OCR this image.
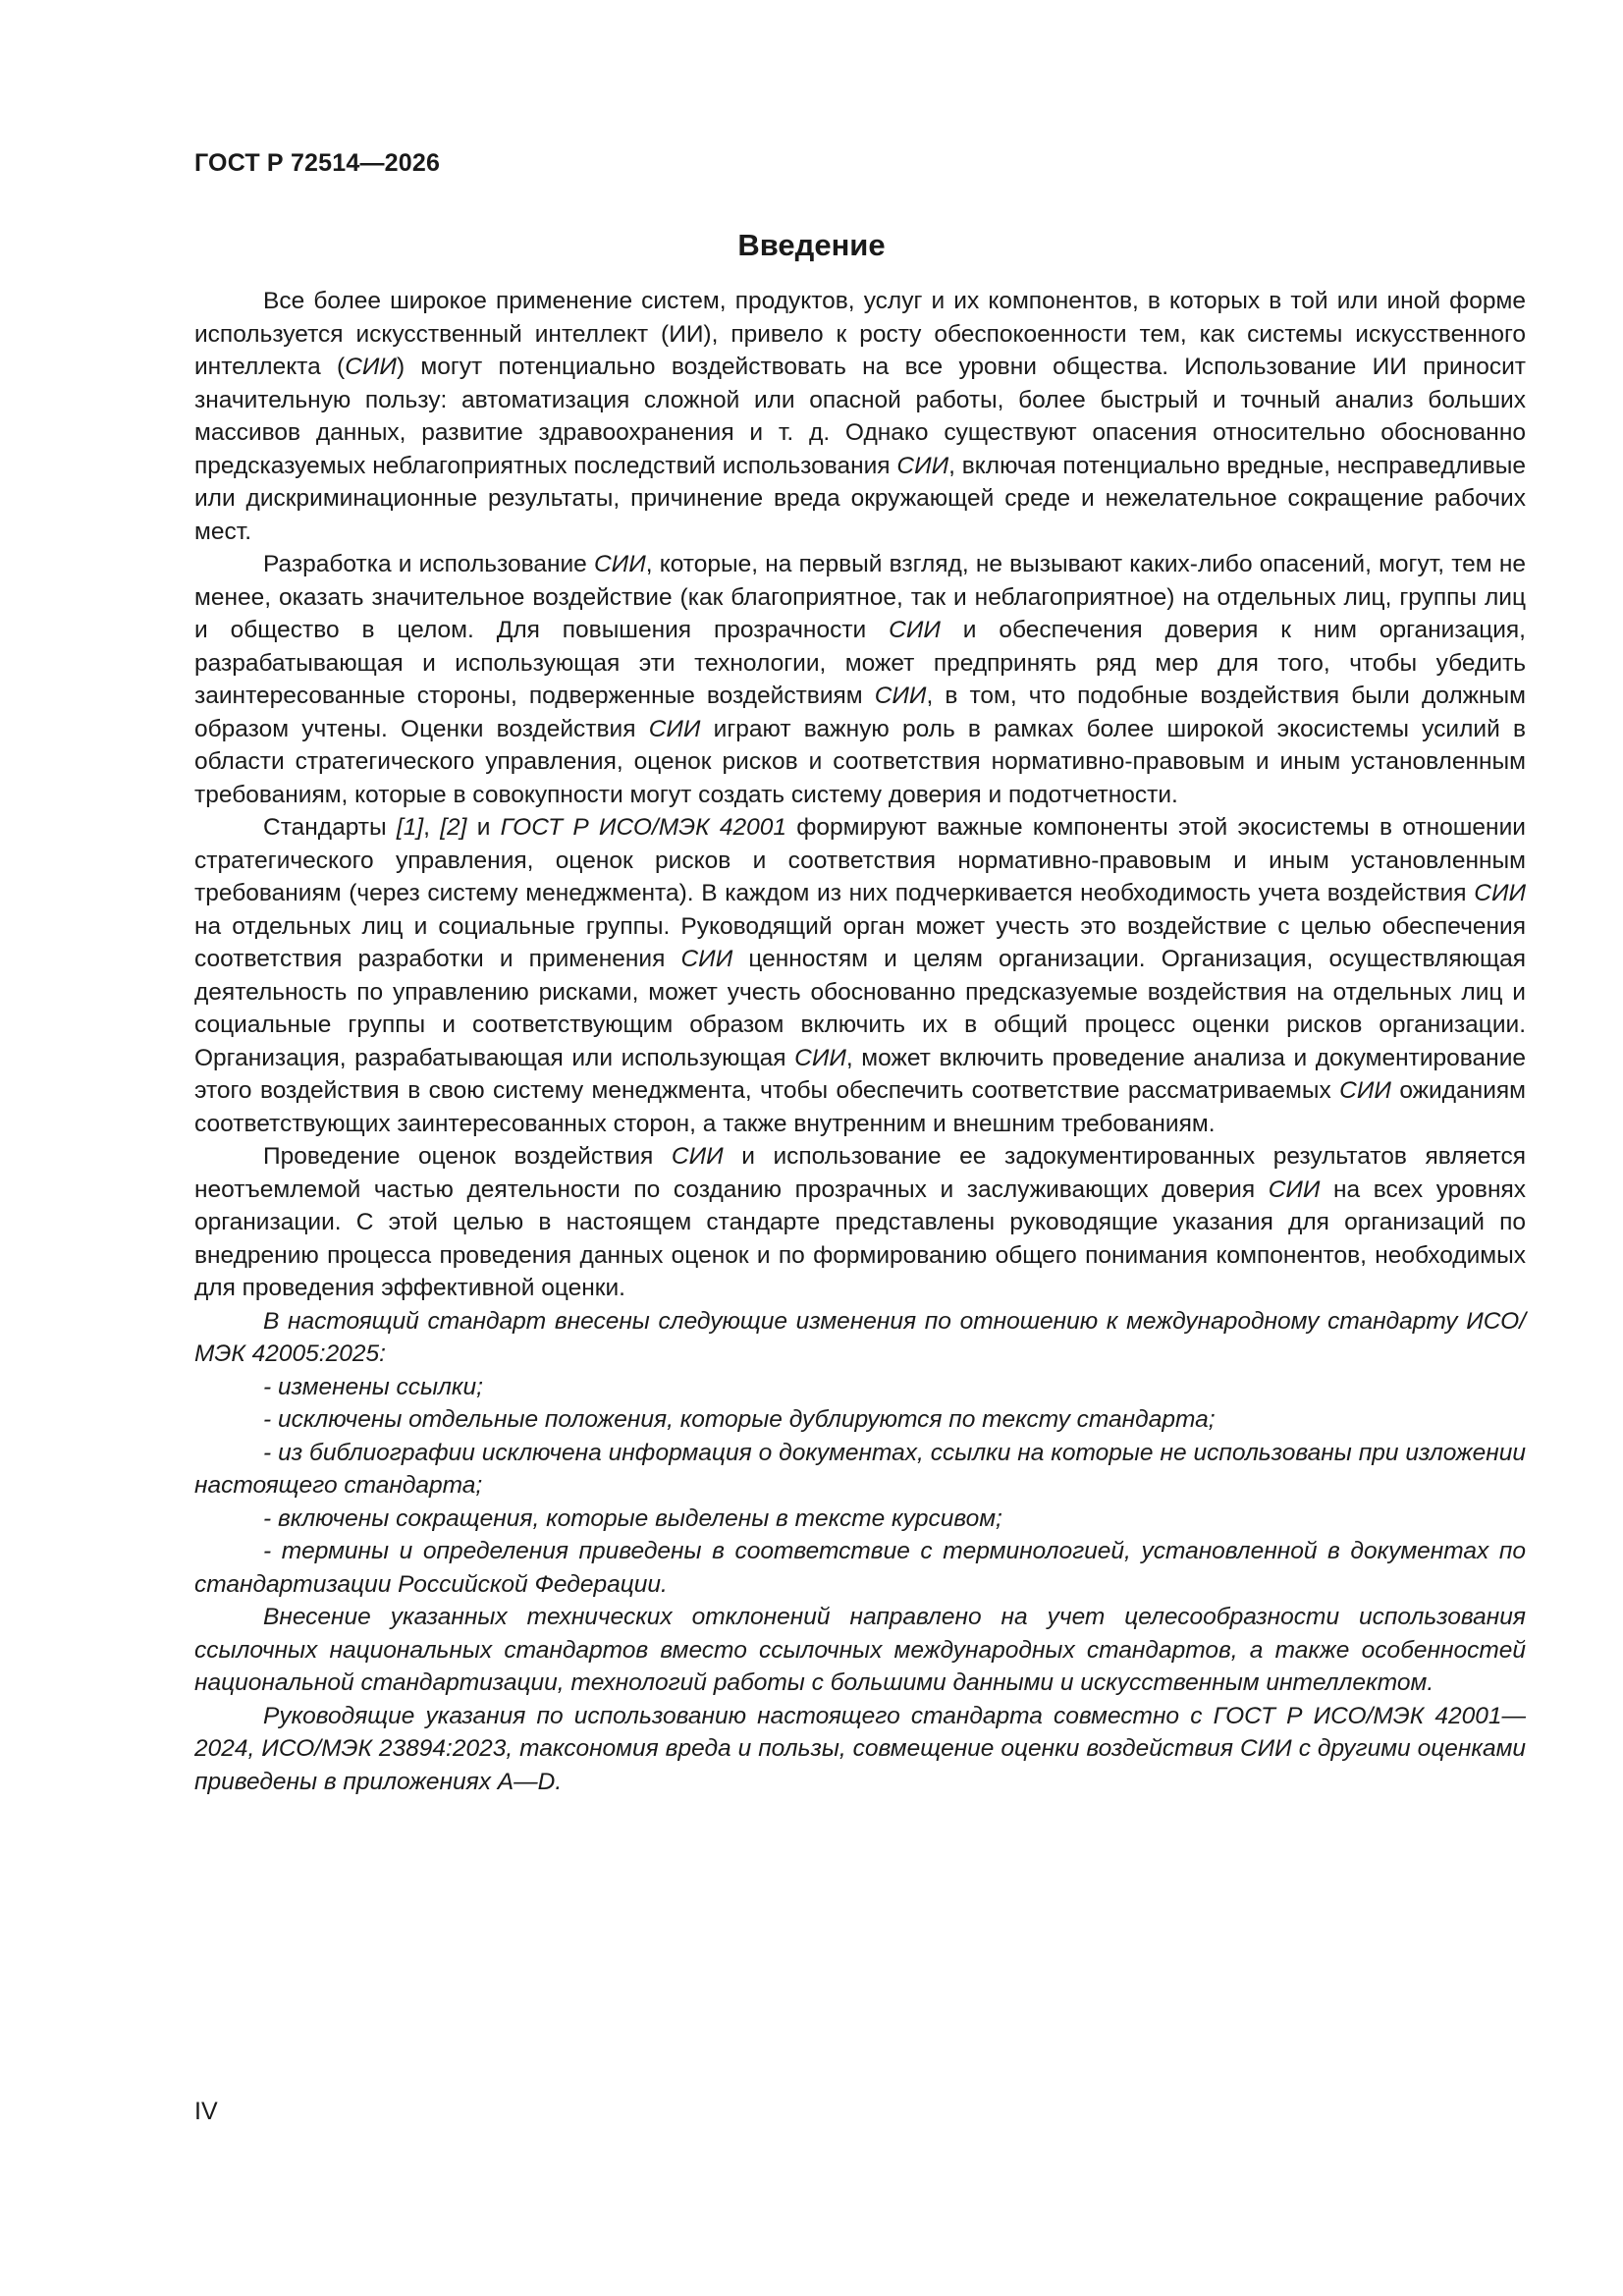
ГОСТ Р 72514—2026
Введение

Все более широкое применение систем, продуктов, услуг и их компонентов, в которых в той или иной форме используется искусственный интеллект (ИИ), привело к росту обеспокоенности тем, как системы искусственного интеллекта (СИИ) могут потенциально воздействовать на все уровни общества. Использование ИИ приносит значительную пользу: автоматизация сложной или опасной работы, более быстрый и точный анализ больших массивов данных, развитие здравоохранения и т. д. Однако существуют опасения относительно обоснованно предсказуемых неблагоприятных последствий использования СИИ, включая потенциально вредные, несправедливые или дискриминационные результаты, причинение вреда окружающей среде и нежелательное сокращение рабочих мест.

Разработка и использование СИИ, которые, на первый взгляд, не вызывают каких-либо опасений, могут, тем не менее, оказать значительное воздействие (как благоприятное, так и неблагоприятное) на отдельных лиц, группы лиц и общество в целом. Для повышения прозрачности СИИ и обеспечения доверия к ним организация, разрабатывающая и использующая эти технологии, может предпринять ряд мер для того, чтобы убедить заинтересованные стороны, подверженные воздействиям СИИ, в том, что подобные воздействия были должным образом учтены. Оценки воздействия СИИ играют важную роль в рамках более широкой экосистемы усилий в области стратегического управления, оценок рисков и соответствия нормативно-правовым и иным установленным требованиям, которые в совокупности могут создать систему доверия и подотчетности.

Стандарты [1], [2] и ГОСТ Р ИСО/МЭК 42001 формируют важные компоненты этой экосистемы в отношении стратегического управления, оценок рисков и соответствия нормативно-правовым и иным установленным требованиям (через систему менеджмента). В каждом из них подчеркивается необходимость учета воздействия СИИ на отдельных лиц и социальные группы. Руководящий орган может учесть это воздействие с целью обеспечения соответствия разработки и применения СИИ ценностям и целям организации. Организация, осуществляющая деятельность по управлению рисками, может учесть обоснованно предсказуемые воздействия на отдельных лиц и социальные группы и соответствующим образом включить их в общий процесс оценки рисков организации. Организация, разрабатывающая или использующая СИИ, может включить проведение анализа и документирование этого воздействия в свою систему менеджмента, чтобы обеспечить соответствие рассматриваемых СИИ ожиданиям соответствующих заинтересованных сторон, а также внутренним и внешним требованиям.

Проведение оценок воздействия СИИ и использование ее задокументированных результатов является неотъемлемой частью деятельности по созданию прозрачных и заслуживающих доверия СИИ на всех уровнях организации. С этой целью в настоящем стандарте представлены руководящие указания для организаций по внедрению процесса проведения данных оценок и по формированию общего понимания компонентов, необходимых для проведения эффективной оценки.

В настоящий стандарт внесены следующие изменения по отношению к международному стандарту ИСО/МЭК 42005:2025:

- изменены ссылки;

- исключены отдельные положения, которые дублируются по тексту стандарта;

- из библиографии исключена информация о документах, ссылки на которые не использованы при изложении настоящего стандарта;

- включены сокращения, которые выделены в тексте курсивом;

- термины и определения приведены в соответствие с терминологией, установленной в документах по стандартизации Российской Федерации.

Внесение указанных технических отклонений направлено на учет целесообразности использования ссылочных национальных стандартов вместо ссылочных международных стандартов, а также особенностей национальной стандартизации, технологий работы с большими данными и искусственным интеллектом.

Руководящие указания по использованию настоящего стандарта совместно с ГОСТ Р ИСО/МЭК 42001—2024, ИСО/МЭК 23894:2023, таксономия вреда и пользы, совмещение оценки воздействия СИИ с другими оценками приведены в приложениях А—D.

IV
